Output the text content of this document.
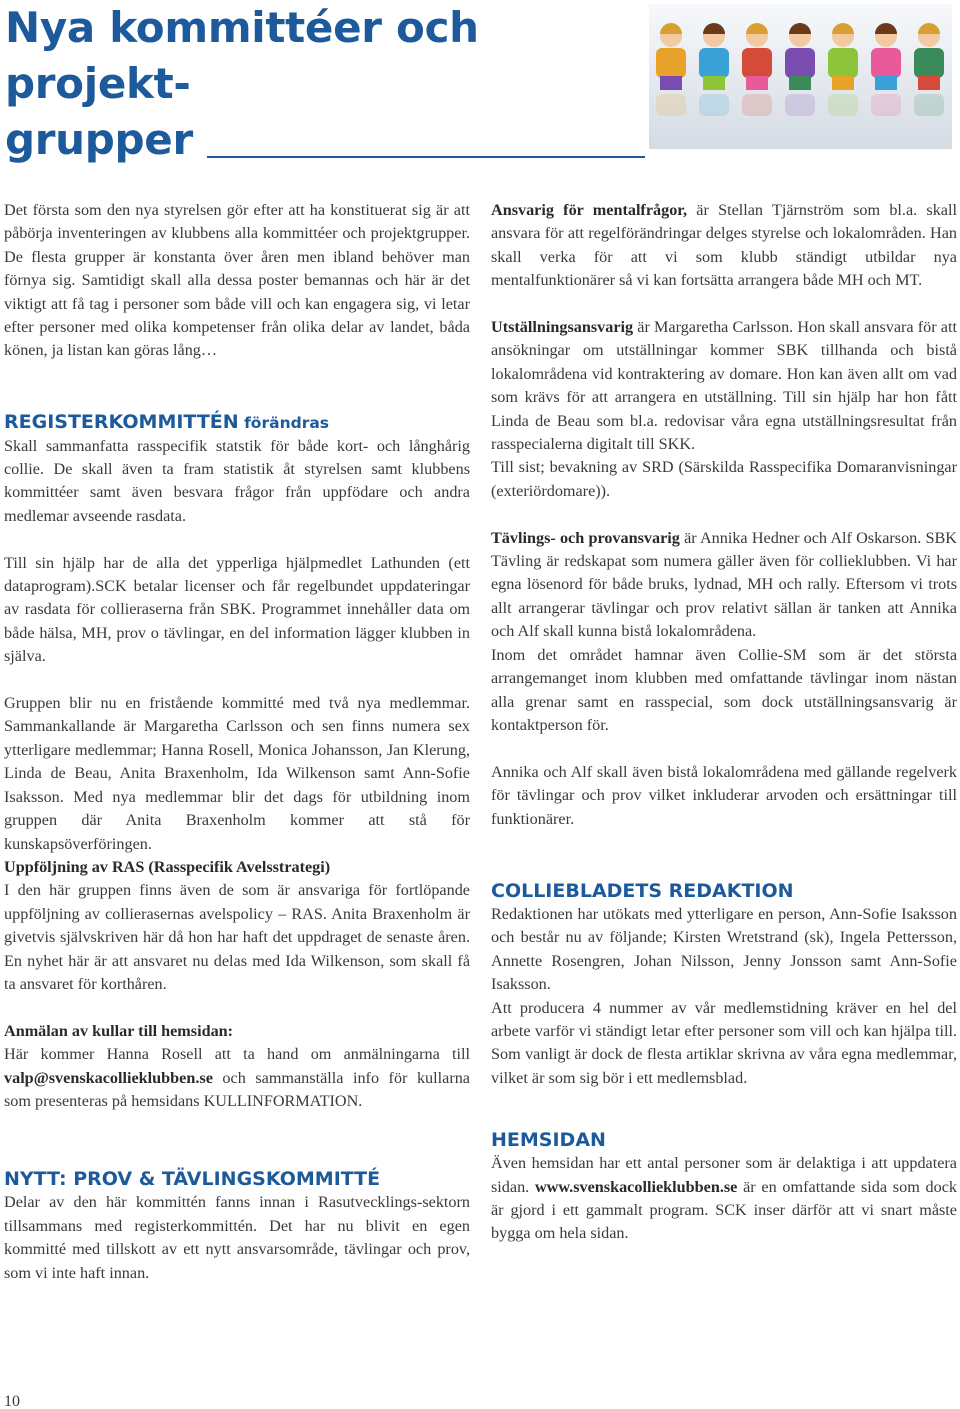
Nya kommittéer och projekt-
grupper

Det första som den nya styrelsen gör efter att ha konstituerat sig är att påbörja inventeringen av klubbens alla kommittéer och projektgrupper. De flesta grupper är konstanta över åren men ibland behöver man förnya sig. Samtidigt skall alla dessa poster bemannas och här är det viktigt att få tag i personer som både vill och kan engagera sig, vi letar efter personer med olika kompetenser från olika delar av landet, båda könen, ja listan kan göras lång…

REGISTERKOMMITTÉN förändras

Skall sammanfatta rasspecifik statstik för både kort- och långhårig collie. De skall även ta fram statistik åt styrelsen samt klubbens kommittéer samt även besvara frågor från uppfödare och andra medlemar avseende rasdata.

Till sin hjälp har de alla det ypperliga hjälpmedlet Lathunden (ett dataprogram).SCK betalar licenser och får regelbundet uppdateringar av rasdata för collieraserna från SBK. Programmet innehåller data om både hälsa, MH, prov o tävlingar, en del information lägger klubben in själva.

Gruppen blir nu en fristående kommitté med två nya medlemmar. Sammankallande är Margaretha Carlsson och sen finns numera sex ytterligare medlemmar; Hanna Rosell, Monica Johansson, Jan Klerung, Linda de Beau, Anita Braxenholm, Ida Wilkenson samt Ann-Sofie Isaksson. Med nya medlemmar blir det dags för utbildning inom gruppen där Anita Braxenholm kommer att stå för kunskapsöverföringen.

Uppföljning av RAS (Rasspecifik Avelsstrategi)

I den här gruppen finns även de som är ansvariga för fortlöpande uppföljning av collierasernas avelspolicy – RAS. Anita Braxenholm är givetvis självskriven här då hon har haft det uppdraget de senaste åren. En nyhet här är att ansvaret nu delas med Ida Wilkenson, som skall få ta ansvaret för korthåren.

Anmälan av kullar till hemsidan:

Här kommer Hanna Rosell att ta hand om anmälningarna till valp@svenskacollieklubben.se och sammanställa info för kullarna som presenteras på hemsidans KULLINFORMATION.

NYTT: PROV & TÄVLINGSKOMMITTÉ

Delar av den här kommittén fanns innan i Rasutvecklings-sektorn tillsammans med registerkommittén. Det har nu blivit en egen kommitté med tillskott av ett nytt ansvarsområde, tävlingar och prov, som vi inte haft innan.

Ansvarig för mentalfrågor, är Stellan Tjärnström som bl.a. skall ansvara för att regelförändringar delges styrelse och lokalområden. Han skall verka för att vi som klubb ständigt utbildar nya mentalfunktionärer så vi kan fortsätta arrangera både MH och MT.

Utställningsansvarig är Margaretha Carlsson. Hon skall ansvara för att ansökningar om utställningar kommer SBK tillhanda och bistå lokalområdena vid kontraktering av domare. Hon kan även allt om vad som krävs för att arrangera en utställning. Till sin hjälp har hon fått Linda de Beau som bl.a. redovisar våra egna utställningsresultat från rasspecialerna digitalt till SKK.

Till sist; bevakning av SRD (Särskilda Rasspecifika Domaranvisningar (exteriördomare)).

Tävlings- och provansvarig är Annika Hedner och Alf Oskarson. SBK Tävling är redskapat som numera gäller även för collieklubben. Vi har egna lösenord för både bruks, lydnad, MH och rally. Eftersom vi trots allt arrangerar tävlingar och prov relativt sällan är tanken att Annika och Alf skall kunna bistå lokalområdena.

Inom det området hamnar även Collie-SM som är det största arrangemanget inom klubben med omfattande tävlingar inom nästan alla grenar samt en rasspecial, som dock utställningsansvarig är kontaktperson för.

Annika och Alf skall även bistå lokalområdena med gällande regelverk för tävlingar och prov vilket inkluderar arvoden och ersättningar till funktionärer.

COLLIEBLADETS REDAKTION

Redaktionen har utökats med ytterligare en person, Ann-Sofie Isaksson och består nu av följande; Kirsten Wretstrand (sk), Ingela Pettersson, Annette Rosengren, Johan Nilsson, Jenny Jonsson samt Ann-Sofie Isaksson.

Att producera 4 nummer av vår medlemstidning kräver en hel del arbete varför vi ständigt letar efter personer som vill och kan hjälpa till. Som vanligt är dock de flesta artiklar skrivna av våra egna medlemmar, vilket är som sig bör i ett medlemsblad.

HEMSIDAN

Även hemsidan har ett antal personer som är delaktiga i att uppdatera sidan. www.svenskacollieklubben.se är en omfattande sida som dock är gjord i ett gammalt program. SCK inser därför att vi snart måste bygga om hela sidan.

10
